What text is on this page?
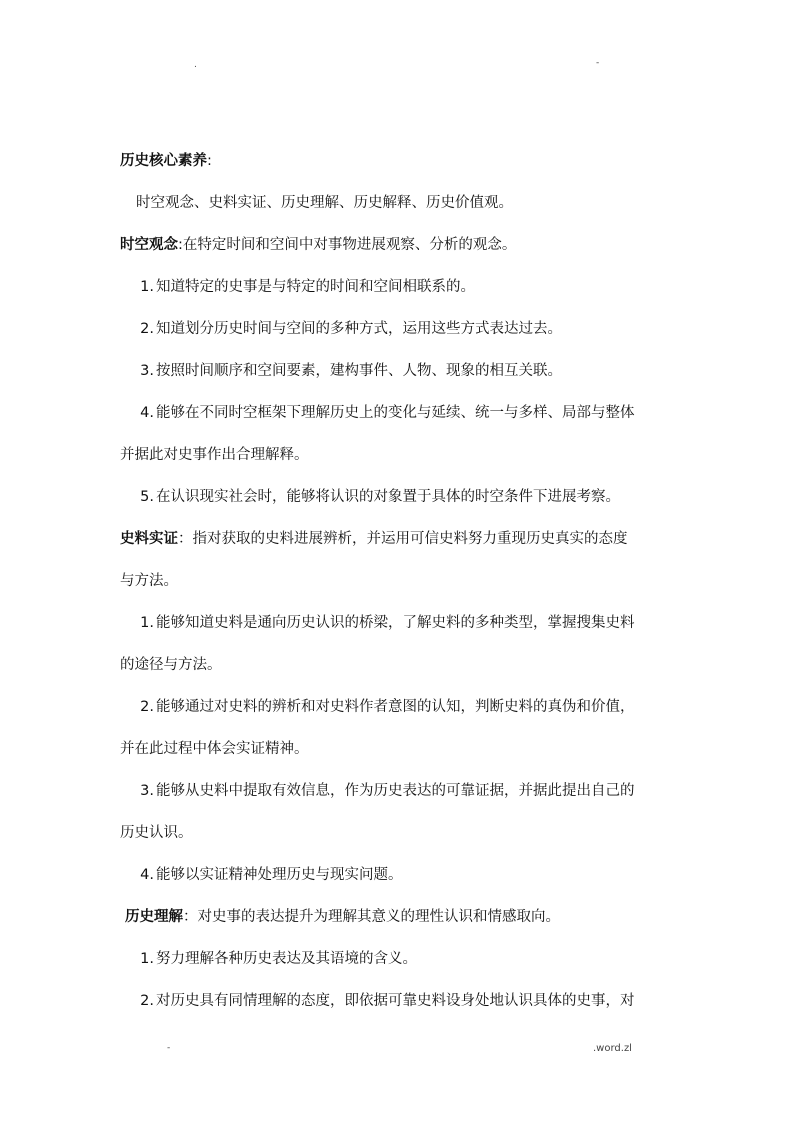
.	-
历史核心素养:
时空观念、史料实证、历史理解、历史解释、历史价值观。
时空观念:在特定时间和空间中对事物进展观察、分析的观念。
1. 知道特定的史事是与特定的时间和空间相联系的。
2. 知道划分历史时间与空间的多种方式，运用这些方式表达过去。
3. 按照时间顺序和空间要素，建构事件、人物、现象的相互关联。
4. 能够在不同时空框架下理解历史上的变化与延续、统一与多样、局部与整体
并据此对史事作出合理解释。
5. 在认识现实社会时，能够将认识的对象置于具体的时空条件下进展考察。
史料实证：指对获取的史料进展辨析，并运用可信史料努力重现历史真实的态度
与方法。
1. 能够知道史料是通向历史认识的桥梁，了解史料的多种类型，掌握搜集史料
的途径与方法。
2. 能够通过对史料的辨析和对史料作者意图的认知，判断史料的真伪和价值，
并在此过程中体会实证精神。
3. 能够从史料中提取有效信息，作为历史表达的可靠证据，并据此提出自己的
历史认识。
4. 能够以实证精神处理历史与现实问题。
历史理解：对史事的表达提升为理解其意义的理性认识和情感取向。
1. 努力理解各种历史表达及其语境的含义。
2. 对历史具有同情理解的态度，即依据可靠史料设身处地认识具体的史事，对
-	.word.zl
